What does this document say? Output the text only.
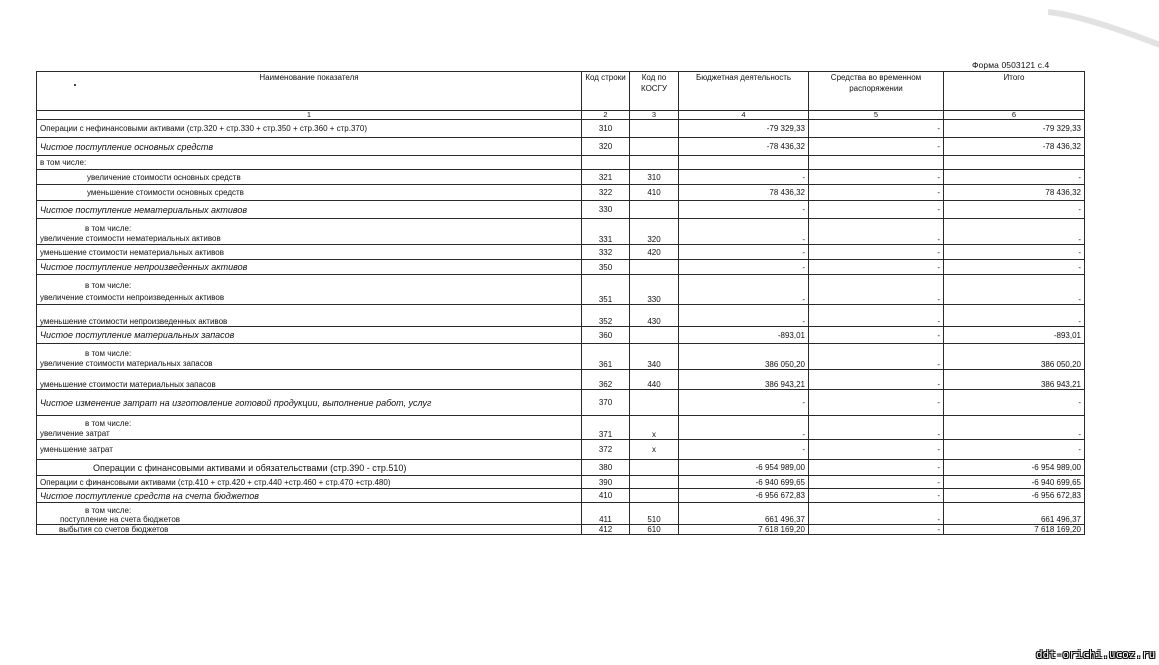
Форма 0503121 с.4
Наименование показателя	Код строки	Код по КОСГУ	Бюджетная деятельность	Средства во временном распоряжении	Итого
1	2	3	4	5	6
Операции с нефинансовыми активами (стр.320 + стр.330 + стр.350 + стр.360 + стр.370)	310		-79 329,33	-	-79 329,33
Чистое поступление основных средств	320		-78 436,32	-	-78 436,32
в том числе:					
увеличение стоимости основных средств	321	310	-	-	-
уменьшение стоимости основных средств	322	410	78 436,32	-	78 436,32
Чистое поступление нематериальных активов	330		-	-	-

в том числе:
увеличение стоимости нематериальных активов	331	320	-	-	-
уменьшение стоимости нематериальных активов	332	420	-	-	-
Чистое поступление непроизведенных активов	350		-	-	-

в том числе:
увеличение стоимости непроизведенных активов	351	330	-	-	-
уменьшение стоимости непроизведенных активов	352	430	-	-	-
Чистое поступление материальных запасов	360		-893,01	-	-893,01

в том числе:
увеличение стоимости материальных запасов	361	340	386 050,20	-	386 050,20
уменьшение стоимости материальных запасов	362	440	386 943,21	-	386 943,21
Чистое изменение затрат на изготовление готовой продукции, выполнение работ, услуг	370		-	-	-

в том числе:
увеличение затрат	371	x	-	-	-
уменьшение затрат	372	x	-	-	-
Операции с финансовыми активами и обязательствами (стр.390 - стр.510)	380		-6 954 989,00	-	-6 954 989,00
Операции с финансовыми активами (стр.410 + стр.420 + стр.440 +стр.460 + стр.470 +стр.480)	390		-6 940 699,65	-	-6 940 699,65
Чистое поступление средств на счета бюджетов	410		-6 956 672,83	-	-6 956 672,83

в том числе:
поступление на счета бюджетов	411	510	661 496,37	-	661 496,37
выбытия со счетов бюджетов	412	610	7 618 169,20	-	7 618 169,20
ddt-orichi.ucoz.ru
